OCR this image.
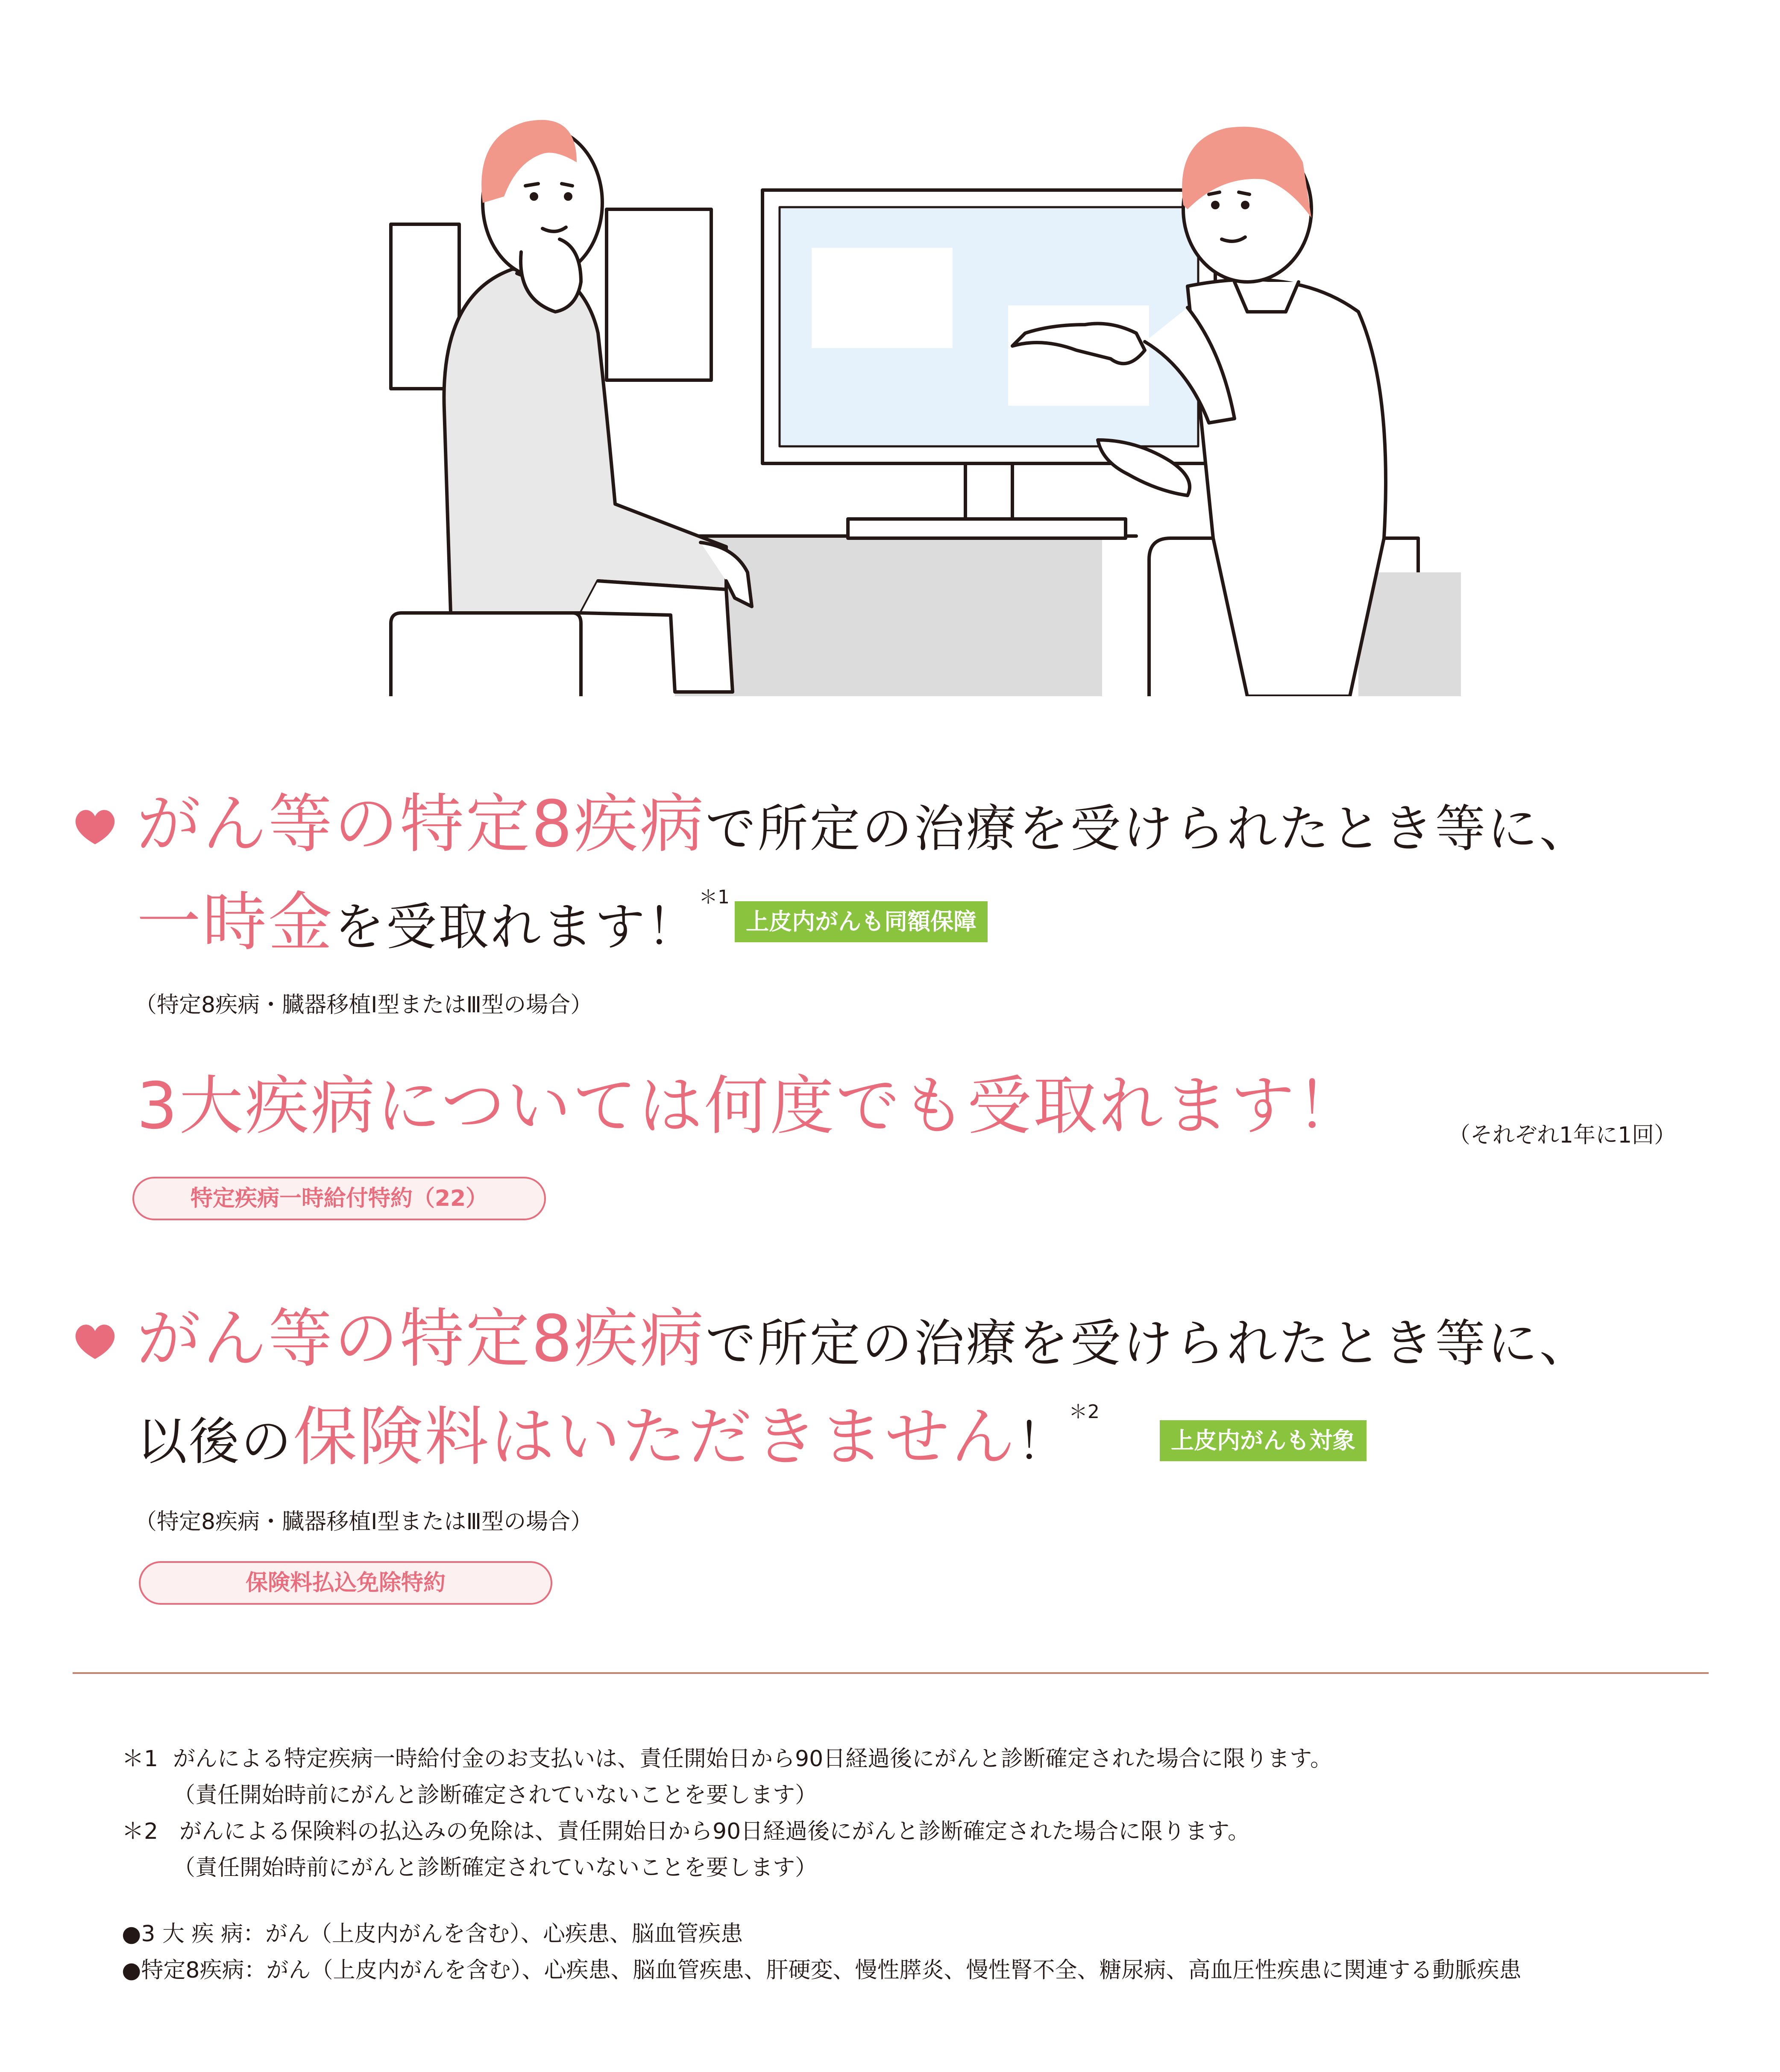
がん等の特定8疾病で所定の治療を受けられたとき等に、
一時金を受取れます！＊1
上皮内がんも同額保障
（特定8疾病・臓器移植Ⅰ型またはⅢ型の場合）
3大疾病については何度でも受取れます！	（それぞれ1年に1回）
特定疾病一時給付特約（22）
がん等の特定8疾病で所定の治療を受けられたとき等に、
以後の保険料はいただきません！＊2
上皮内がんも対象
（特定8疾病・臓器移植Ⅰ型またはⅢ型の場合）
保険料払込免除特約
＊1 がんによる特定疾病一時給付金のお支払いは、責任開始日から90日経過後にがんと診断確定された場合に限ります。
（責任開始時前にがんと診断確定されていないことを要します）
＊2 がんによる保険料の払込みの免除は、責任開始日から90日経過後にがんと診断確定された場合に限ります。
（責任開始時前にがんと診断確定されていないことを要します）
●3 大 疾 病：がん（上皮内がんを含む）、心疾患、脳血管疾患
●特定8疾病：がん（上皮内がんを含む）、心疾患、脳血管疾患、肝硬変、慢性膵炎、慢性腎不全、糖尿病、高血圧性疾患に関連する動脈疾患
